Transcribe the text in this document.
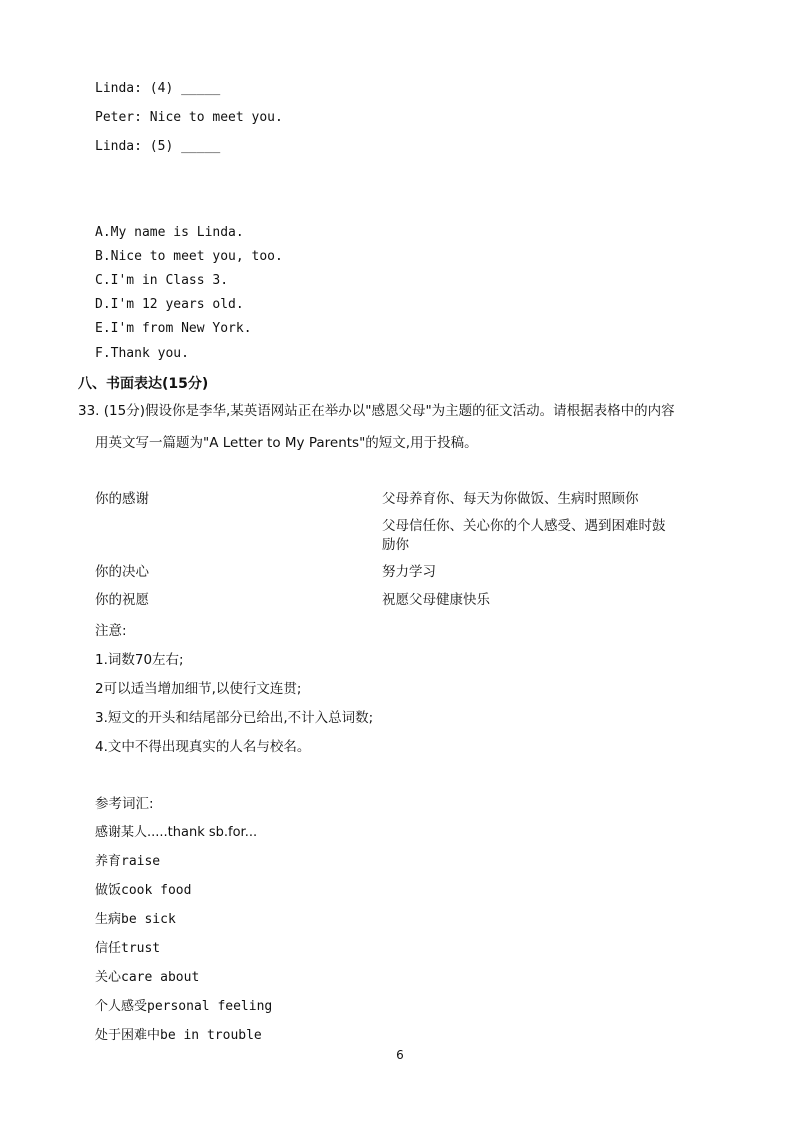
Linda: (4) _____
Peter: Nice to meet you.
Linda: (5) _____
A.My name is Linda.
B.Nice to meet you, too.
C.I'm in Class 3.
D.I'm 12 years old.
E.I'm from New York.
F.Thank you.
八、书面表达(15分)
33. (15分)假设你是李华,某英语网站正在举办以"感恩父母"为主题的征文活动。请根据表格中的内容
用英文写一篇题为"A Letter to My Parents"的短文,用于投稿。
你的感谢	父母养育你、每天为你做饭、生病时照顾你
父母信任你、关心你的个人感受、遇到困难时鼓励你
你的决心	努力学习
你的祝愿	祝愿父母健康快乐
注意:
1.词数70左右;
2可以适当增加细节,以使行文连贯;
3.短文的开头和结尾部分已给出,不计入总词数;
4.文中不得出现真实的人名与校名。
参考词汇:
感谢某人.....thank sb.for...
养育raise
做饭cook food
生病be sick
信任trust
关心care about
个人感受personal feeling
处于困难中be in trouble
6
